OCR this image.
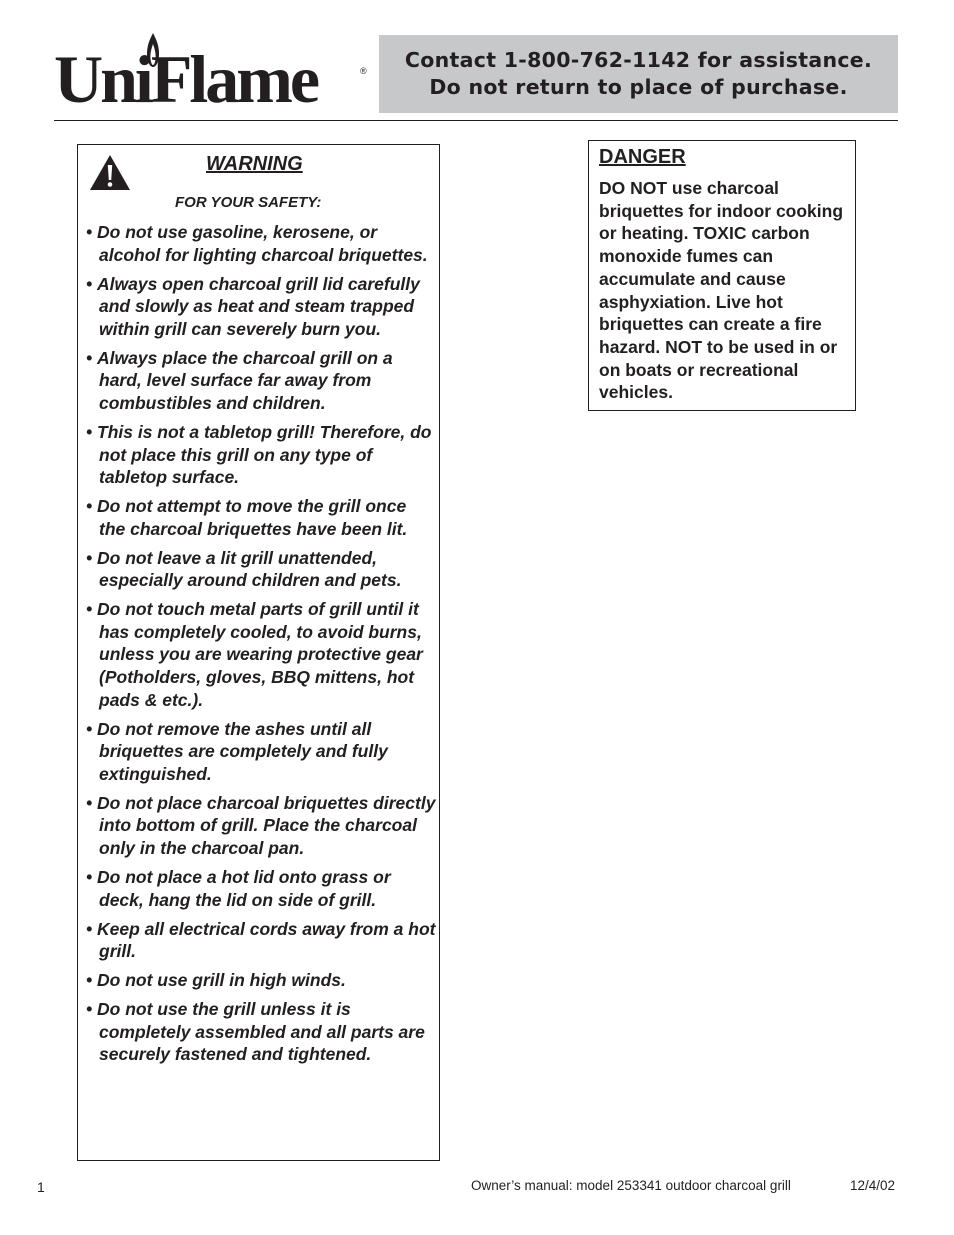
UniFlame	® Contact 1-800-762-1142 for assistance.
Do not return to place of purchase.
WARNING
FOR YOUR SAFETY:
• Do not use gasoline, kerosene, or alcohol for lighting charcoal briquettes.
• Always open charcoal grill lid carefully and slowly as heat and steam trapped within grill can severely burn you.
• Always place the charcoal grill on a hard, level surface far away from combustibles and children.
• This is not a tabletop grill! Therefore, do not place this grill on any type of tabletop surface.
• Do not attempt to move the grill once the charcoal briquettes have been lit.
• Do not leave a lit grill unattended, especially around children and pets.
• Do not touch metal parts of grill until it has completely cooled, to avoid burns, unless you are wearing protective gear (Potholders, gloves, BBQ mittens, hot pads & etc.).
• Do not remove the ashes until all briquettes are completely and fully extinguished.
• Do not place charcoal briquettes directly into bottom of grill. Place the charcoal only in the charcoal pan.
• Do not place a hot lid onto grass or deck, hang the lid on side of grill.
• Keep all electrical cords away from a hot grill.
• Do not use grill in high winds.
• Do not use the grill unless it is completely assembled and all parts are securely fastened and tightened.
DANGER

DO NOT use charcoal briquettes for indoor cooking or heating. TOXIC carbon monoxide fumes can accumulate and cause asphyxiation. Live hot briquettes can create a fire hazard. NOT to be used in or on boats or recreational vehicles.

1	Owner’s manual: model 253341 outdoor charcoal grill	12/4/02
